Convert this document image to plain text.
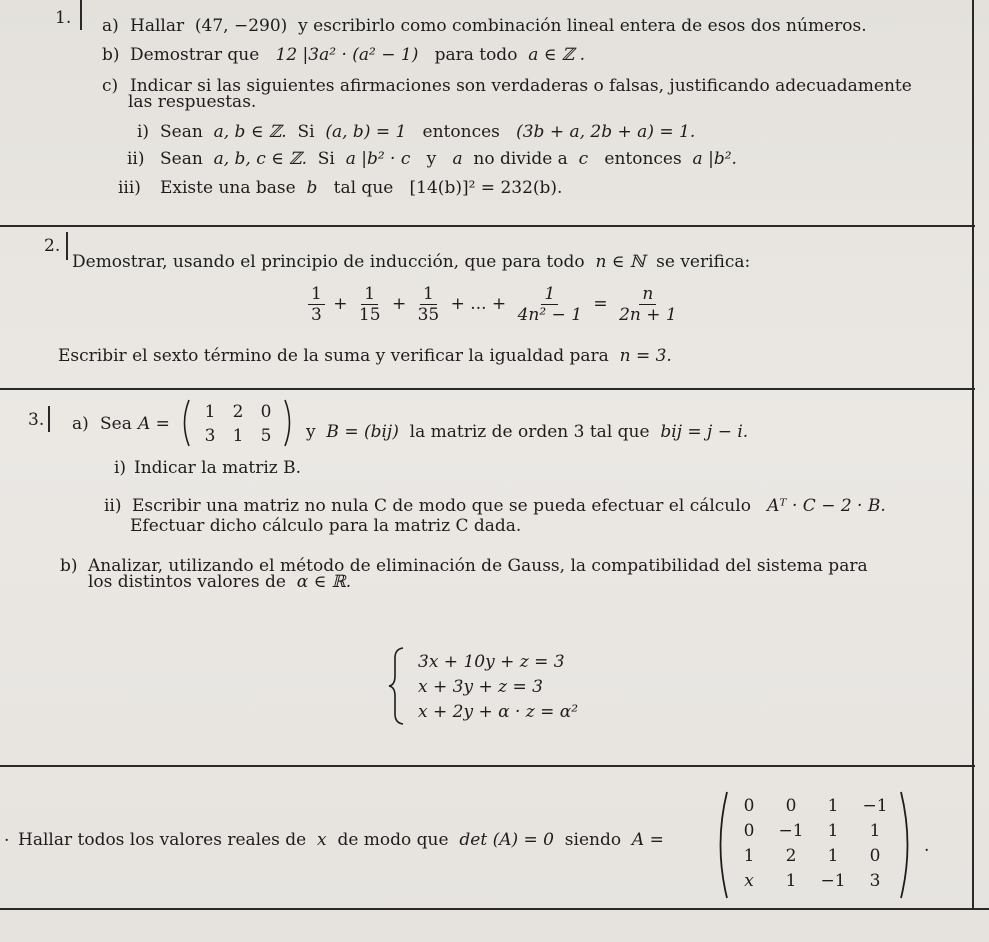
1. a) Hallar (47, −290) y escribirlo como combinación lineal entera de esos dos números.
b) Demostrar que 12 |3a² · (a² − 1) para todo a ∈ ℤ .
c) Indicar si las siguientes afirmaciones son verdaderas o falsas, justificando adecuadamente
las respuestas.
i) Sean a, b ∈ ℤ. Si (a, b) = 1 entonces (3b + a, 2b + a) = 1.
ii) Sean a, b, c ∈ ℤ. Si a |b² · c y a no divide a c entonces a |b².
iii) Existe una base b tal que [14(b)]² = 232(b).
2.
Demostrar, usando el principio de inducción, que para todo n ∈ ℕ se verifica:
$\frac{1}{3} + \frac{1}{15} + \frac{1}{35}$ + ... + $\frac{1}{\text{4n² − 1}} = \frac{n}{2n + 1}$
Escribir el sexto término de la suma y verificar la igualdad para n = 3.
3. a) Sea A =
1	2	0
3	1	5 y B = (bij) la matriz de orden 3 tal que bij = j − i.
i) Indicar la matriz B.
ii) Escribir una matriz no nula C de modo que se pueda efectuar el cálculo Aᵀ · C − 2 · B.
Efectuar dicho cálculo para la matriz C dada.
b) Analizar, utilizando el método de eliminación de Gauss, la compatibilidad del sistema para
los distintos valores de α ∈ ℝ.
3x + 10y + z = 3
x + 3y + z = 3
x + 2y + α · z = α²
. Hallar todos los valores reales de x de modo que det (A) = 0 siendo A =
0	0	1	−1
0	−1	1	1
1	2	1	0
x	1	−1	3
.
